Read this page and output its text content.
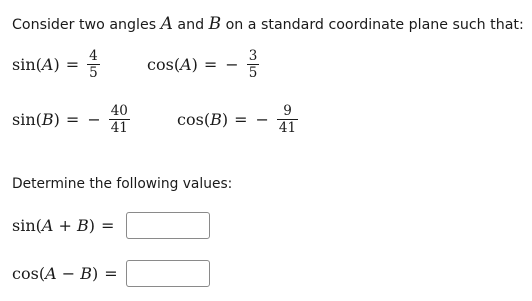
Consider two angles A and B on a standard coordinate plane such that:
sin ( A ) = $\frac{4}{5}$	cos ( A ) = − $\frac{3}{5}$
sin ( B ) = − $\frac{40}{41}$	cos ( B ) = − $\frac{9}{41}$
Determine the following values:
sin ( A + B ) =
cos ( A − B ) =
